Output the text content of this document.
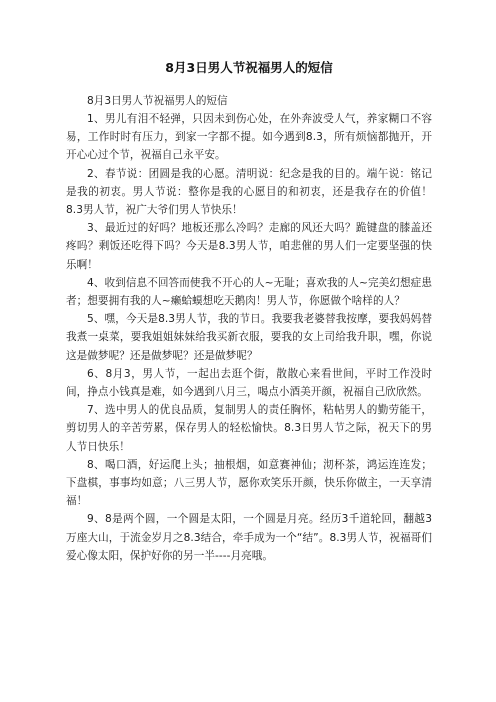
8月3日男人节祝福男人的短信

8月3日男人节祝福男人的短信

1、男儿有泪不轻弹，只因未到伤心处，在外奔波受人气，养家糊口不容易，工作时时有压力，到家一字都不提。如今遇到8.3，所有烦恼都抛开，开开心心过个节，祝福自己永平安。

2、春节说：团圆是我的心愿。清明说：纪念是我的目的。端午说：铭记是我的初衷。男人节说：整你是我的心愿目的和初衷，还是我存在的价值！8.3男人节，祝广大爷们男人节快乐！

3、最近过的好吗？地板还那么冷吗？走廊的风还大吗？跪键盘的膝盖还疼吗？剩饭还吃得下吗？今天是8.3男人节，咱悲催的男人们一定要坚强的快乐啊！

4、收到信息不回答而使我不开心的人~无耻；喜欢我的人~完美幻想症患者；想要拥有我的人~癞蛤蟆想吃天鹅肉！男人节，你愿做个啥样的人？

5、嘿，今天是8.3男人节，我的节日。我要我老婆替我按摩，要我妈妈替我煮一桌菜，要我姐姐妹妹给我买新衣服，要我的女上司给我升职，嘿，你说这是做梦呢？还是做梦呢？还是做梦呢？

6、8月3，男人节，一起出去逛个街，散散心来看世间，平时工作没时间，挣点小钱真是难，如今遇到八月三，喝点小酒美开颜，祝福自己欣欣然。

7、选中男人的优良品质，复制男人的责任胸怀，粘帖男人的勤劳能干，剪切男人的辛苦劳累，保存男人的轻松愉快。8.3日男人节之际，祝天下的男人节日快乐！

8、喝口酒，好运爬上头；抽根烟，如意赛神仙；沏杯茶，鸿运连连发；下盘棋，事事均如意；八三男人节，愿你欢笑乐开颜，快乐你做主，一天享清福！

9、8是两个圆，一个圆是太阳，一个圆是月亮。经历3千道轮回，翻越3万座大山，于流金岁月之8.3结合，牵手成为一个“结”。8.3男人节，祝福哥们爱心像太阳，保护好你的另一半----月亮哦。
